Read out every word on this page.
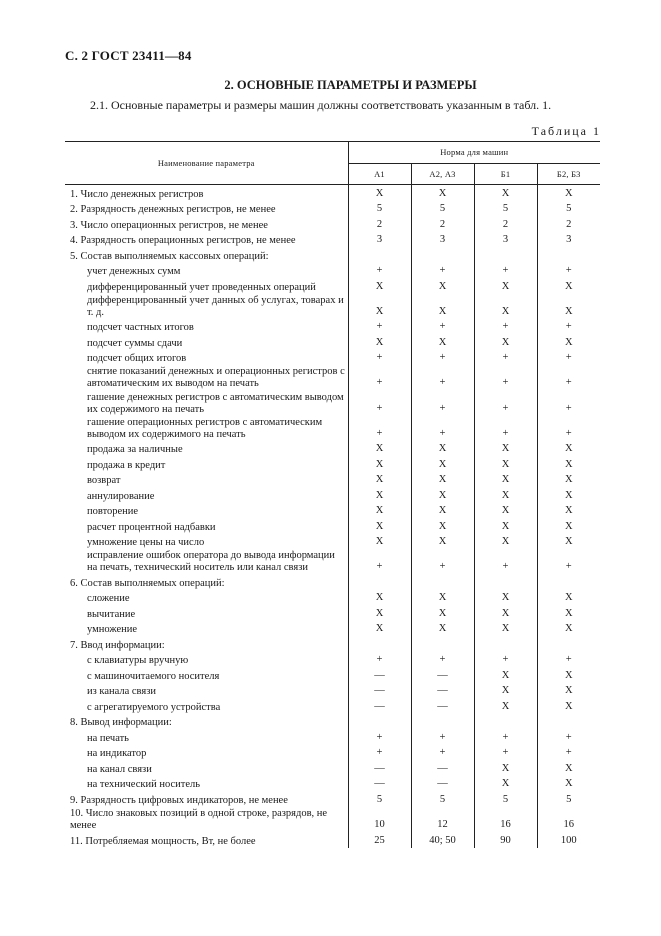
С. 2 ГОСТ 23411—84
2. ОСНОВНЫЕ ПАРАМЕТРЫ И РАЗМЕРЫ
2.1. Основные параметры и размеры машин должны соответствовать указанным в табл. 1.
Таблица 1
Наименование параметра	Норма для машин			
	А1	А2, А3	Б1	Б2, Б3
1. Число денежных регистров	X	X	X	X
2. Разрядность денежных регистров, не менее	5	5	5	5
3. Число операционных регистров, не менее	2	2	2	2
4. Разрядность операционных регистров, не менее	3	3	3	3
5. Состав выполняемых кассовых операций:				
учет денежных сумм	+	+	+	+
дифференцированный учет проведенных операций	X	X	X	X
дифференцированный учет данных об услугах, товарах и т. д.	X	X	X	X
подсчет частных итогов	+	+	+	+
подсчет суммы сдачи	X	X	X	X
подсчет общих итогов	+	+	+	+
снятие показаний денежных и операционных регистров с автоматическим их выводом на печать	+	+	+	+
гашение денежных регистров с автоматическим выводом их содержимого на печать	+	+	+	+
гашение операционных регистров с автоматическим выводом их содержимого на печать	+	+	+	+
продажа за наличные	X	X	X	X
продажа в кредит	X	X	X	X
возврат	X	X	X	X
аннулирование	X	X	X	X
повторение	X	X	X	X
расчет процентной надбавки	X	X	X	X
умножение цены на число	X	X	X	X
исправление ошибок оператора до вывода информации на печать, технический носитель или канал связи	+	+	+	+
6. Состав выполняемых операций:				
сложение	X	X	X	X
вычитание	X	X	X	X
умножение	X	X	X	X
7. Ввод информации:				
с клавиатуры вручную	+	+	+	+
с машиночитаемого носителя	—	—	X	X
из канала связи	—	—	X	X
с агрегатируемого устройства	—	—	X	X
8. Вывод информации:				
на печать	+	+	+	+
на индикатор	+	+	+	+
на канал связи	—	—	X	X
на технический носитель	—	—	X	X
9. Разрядность цифровых индикаторов, не менее	5	5	5	5
10. Число знаковых позиций в одной строке, разрядов, не менее	10	12	16	16
11. Потребляемая мощность, Вт, не более	25	40; 50	90	100
